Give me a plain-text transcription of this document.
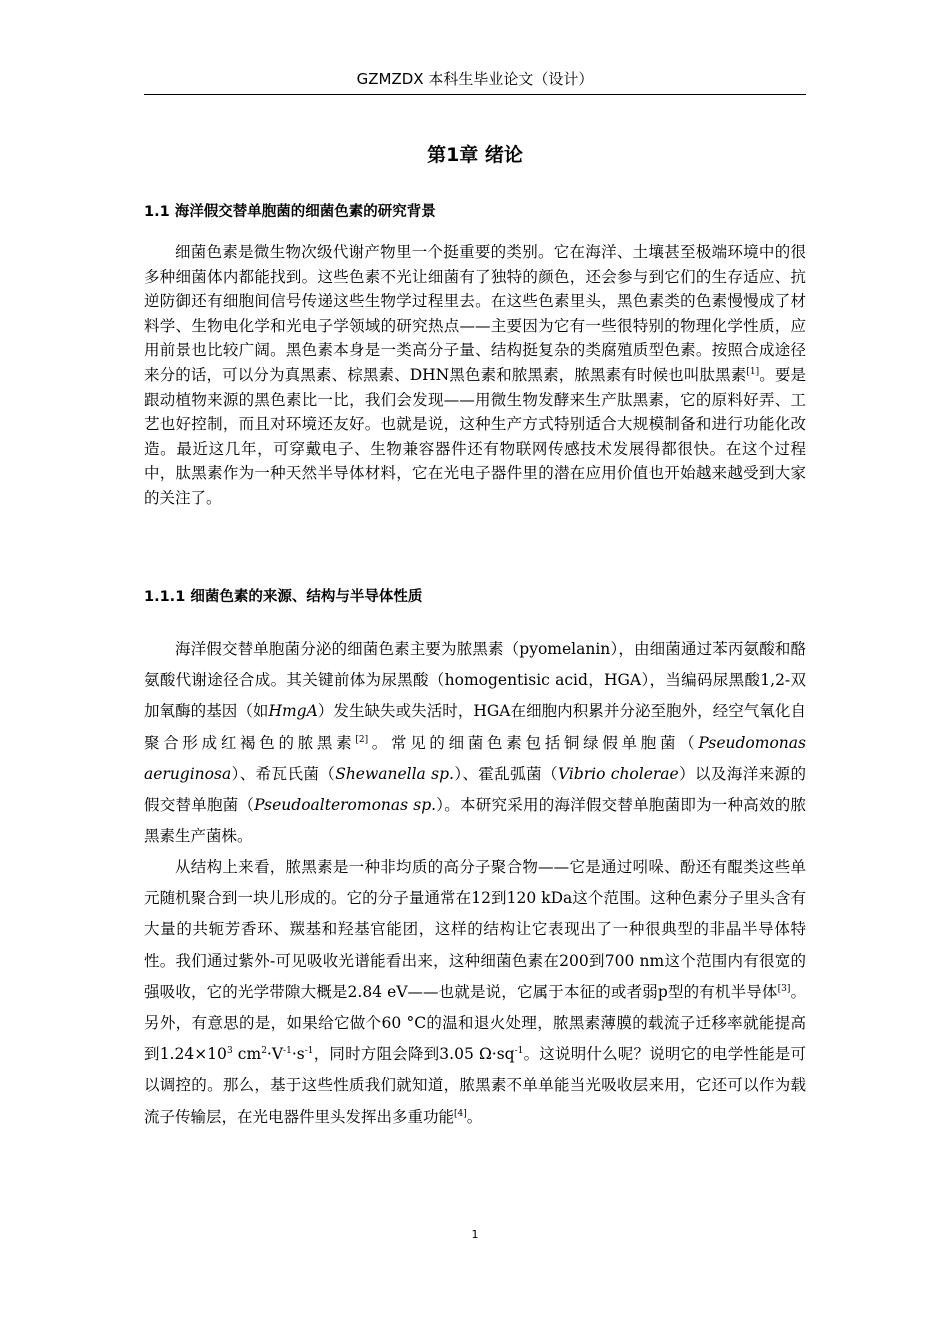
GZMZDX 本科生毕业论文（设计）
第1章 绪论
1.1 海洋假交替单胞菌的细菌色素的研究背景

细菌色素是微生物次级代谢产物里一个挺重要的类别。它在海洋、土壤甚至极端环境中的很多种细菌体内都能找到。这些色素不光让细菌有了独特的颜色，还会参与到它们的生存适应、抗逆防御还有细胞间信号传递这些生物学过程里去。在这些色素里头，黑色素类的色素慢慢成了材料学、生物电化学和光电子学领域的研究热点——主要因为它有一些很特别的物理化学性质，应用前景也比较广阔。黑色素本身是一类高分子量、结构挺复杂的类腐殖质型色素。按照合成途径来分的话，可以分为真黑素、棕黑素、DHN黑色素和脓黑素，脓黑素有时候也叫肽黑素[1]。要是跟动植物来源的黑色素比一比，我们会发现——用微生物发酵来生产肽黑素，它的原料好弄、工艺也好控制，而且对环境还友好。也就是说，这种生产方式特别适合大规模制备和进行功能化改造。最近这几年，可穿戴电子、生物兼容器件还有物联网传感技术发展得都很快。在这个过程中，肽黑素作为一种天然半导体材料，它在光电子器件里的潜在应用价值也开始越来越受到大家的关注了。

1.1.1 细菌色素的来源、结构与半导体性质

海洋假交替单胞菌分泌的细菌色素主要为脓黑素（pyomelanin），由细菌通过苯丙氨酸和酪氨酸代谢途径合成。其关键前体为尿黑酸（homogentisic acid，HGA），当编码尿黑酸1,2-双加氧酶的基因（如HmgA）发生缺失或失活时，HGA在细胞内积累并分泌至胞外，经空气氧化自聚合形成红褐色的脓黑素[2]。常见的细菌色素包括铜绿假单胞菌（Pseudomonas aeruginosa）、希瓦氏菌（Shewanella sp.）、霍乱弧菌（Vibrio cholerae）以及海洋来源的假交替单胞菌（Pseudoalteromonas sp.）。本研究采用的海洋假交替单胞菌即为一种高效的脓黑素生产菌株。

从结构上来看，脓黑素是一种非均质的高分子聚合物——它是通过吲哚、酚还有醌类这些单元随机聚合到一块儿形成的。它的分子量通常在12到120 kDa这个范围。这种色素分子里头含有大量的共轭芳香环、羰基和羟基官能团，这样的结构让它表现出了一种很典型的非晶半导体特性。我们通过紫外-可见吸收光谱能看出来，这种细菌色素在200到700 nm这个范围内有很宽的强吸收，它的光学带隙大概是2.84 eV——也就是说，它属于本征的或者弱p型的有机半导体[3]。另外，有意思的是，如果给它做个60 °C的温和退火处理，脓黑素薄膜的载流子迁移率就能提高到$1.24\times 10^3$ $cm^2\cdot V^{-1}\cdot s^{-1}$，同时方阻会降到3.05 $\Omega\cdot sq^{-1}$。这说明什么呢？说明它的电学性能是可以调控的。那么，基于这些性质我们就知道，脓黑素不单单能当光吸收层来用，它还可以作为载流子传输层，在光电器件里头发挥出多重功能[4]。

1
